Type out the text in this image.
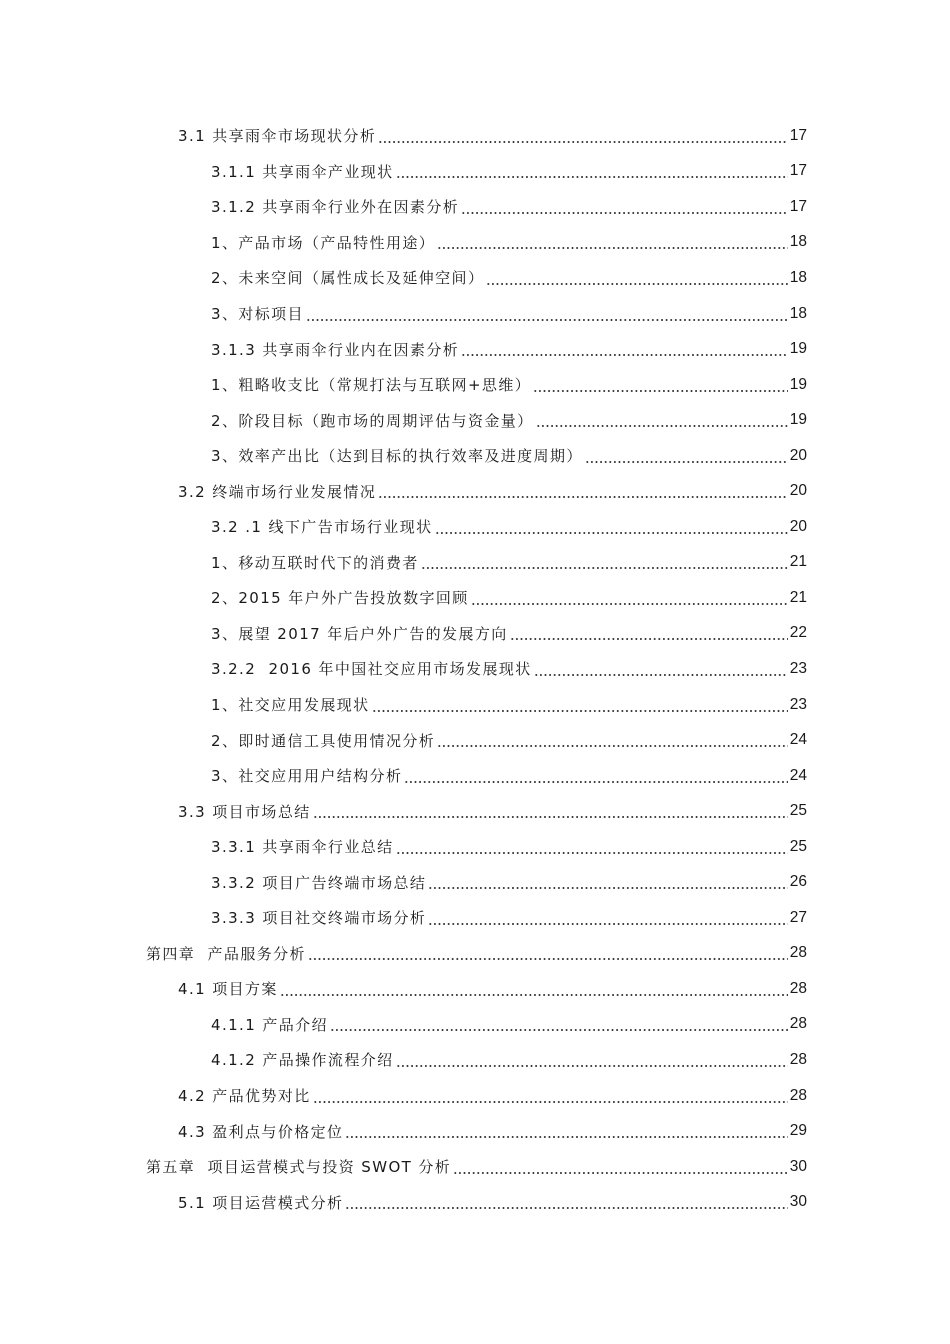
3.1 共享雨伞市场现状分析	17
3.1.1 共享雨伞产业现状	17
3.1.2 共享雨伞行业外在因素分析	17
1、产品市场（产品特性用途）	18
2、未来空间（属性成长及延伸空间）	18
3、对标项目	18
3.1.3 共享雨伞行业内在因素分析	19
1、粗略收支比（常规打法与互联网+思维）	19
2、阶段目标（跑市场的周期评估与资金量）	19
3、效率产出比（达到目标的执行效率及进度周期）	20
3.2 终端市场行业发展情况	20
3.2 .1 线下广告市场行业现状	20
1、移动互联时代下的消费者	21
2、2015 年户外广告投放数字回顾	21
3、展望 2017 年后户外广告的发展方向	22
3.2.2  2016 年中国社交应用市场发展现状	23
1、社交应用发展现状	23
2、即时通信工具使用情况分析	24
3、社交应用用户结构分析	24
3.3 项目市场总结	25
3.3.1 共享雨伞行业总结	25
3.3.2 项目广告终端市场总结	26
3.3.3 项目社交终端市场分析	27
第四章  产品服务分析	28
4.1 项目方案	28
4.1.1 产品介绍	28
4.1.2 产品操作流程介绍	28
4.2 产品优势对比	28
4.3 盈利点与价格定位	29
第五章  项目运营模式与投资 SWOT 分析	30
5.1 项目运营模式分析	30
